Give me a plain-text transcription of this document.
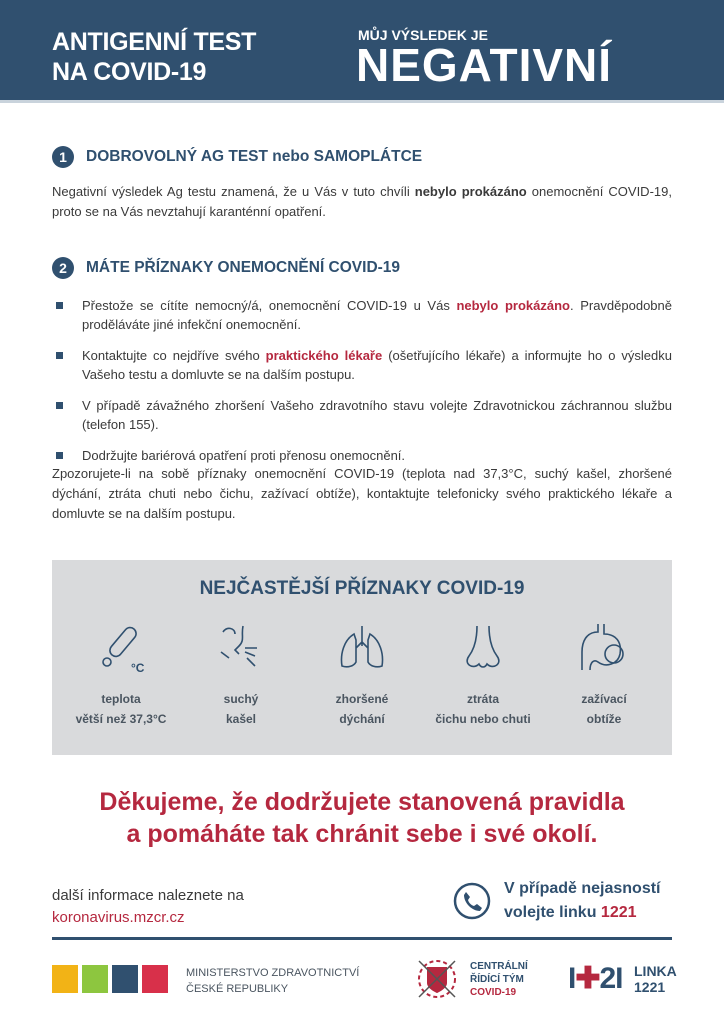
ANTIGENNÍ TEST
NA COVID-19
MŮJ VÝSLEDEK JE
NEGATIVNÍ
1	DOBROVOLNÝ AG TEST nebo SAMOPLÁTCE

Negativní výsledek Ag testu znamená, že u Vás v tuto chvíli nebylo prokázáno onemocnění COVID-19, proto se na Vás nevztahují karanténní opatření.

2	MÁTE PŘÍZNAKY ONEMOCNĚNÍ COVID-19
Přestože se cítíte nemocný/á, onemocnění COVID-19 u Vás nebylo prokázáno. Pravděpodobně proděláváte jiné infekční onemocnění.
Kontaktujte co nejdříve svého praktického lékaře (ošetřujícího lékaře) a informujte ho o výsledku Vašeho testu a domluvte se na dalším postupu.
V případě závažného zhoršení Vašeho zdravotního stavu volejte Zdravotnickou záchrannou službu (telefon 155).
Dodržujte bariérová opatření proti přenosu onemocnění.

Zpozorujete-li na sobě příznaky onemocnění COVID-19 (teplota nad 37,3°C, suchý kašel, zhoršené dýchání, ztráta chuti nebo čichu, zažívací obtíže), kontaktujte telefonicky svého praktického lékaře a domluvte se na dalším postupu.

NEJČASTĚJŠÍ PŘÍZNAKY COVID-19
°C
teplota
větší než 37,3°C
suchý
kašel
zhoršené
dýchání
ztráta
čichu nebo chuti
zažívací
obtíže
Děkujeme, že dodržujete stanovená pravidla
a pomáháte tak chránit sebe i své okolí.
další informace naleznete na
koronavirus.mzcr.cz
V případě nejasností
volejte linku 1221
MINISTERSTVO ZDRAVOTNICTVÍ
ČESKÉ REPUBLIKY
CENTRÁLNÍ
ŘÍDÍCÍ TÝM
COVID-19	I✚2I LINKA
1221
